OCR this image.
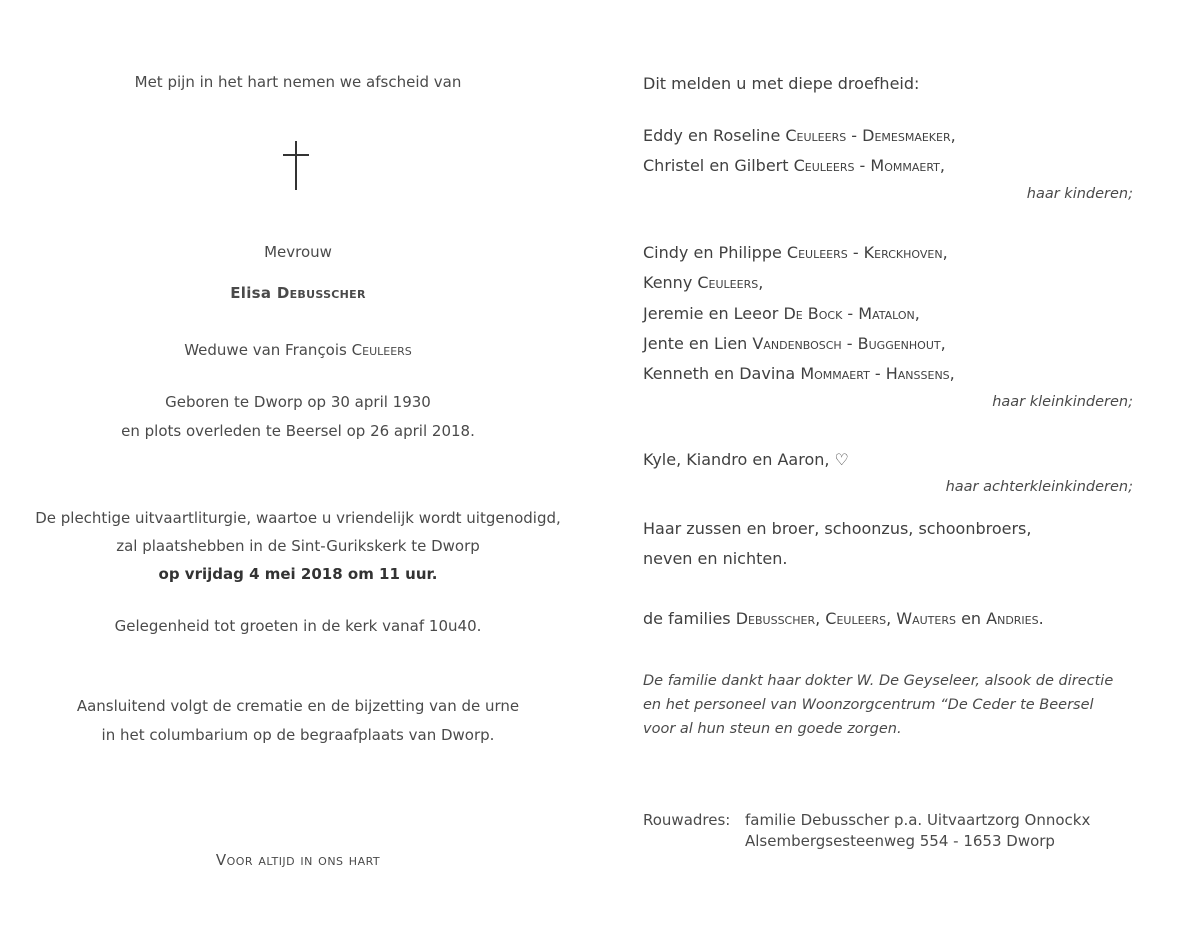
Met pijn in het hart nemen we afscheid van
Mevrouw
Elisa Debusscher
Weduwe van François Ceuleers
Geboren te Dworp op 30 april 1930
en plots overleden te Beersel op 26 april 2018.
De plechtige uitvaartliturgie, waartoe u vriendelijk wordt uitgenodigd,
zal plaatshebben in de Sint-Gurikskerk te Dworp
op vrijdag 4 mei 2018 om 11 uur.
Gelegenheid tot groeten in de kerk vanaf 10u40.
Aansluitend volgt de crematie en de bijzetting van de urne
in het columbarium op de begraafplaats van Dworp.
Voor altijd in ons hart
Dit melden u met diepe droefheid:
Eddy en Roseline Ceuleers - Demesmaeker,
Christel en Gilbert Ceuleers - Mommaert,
haar kinderen;
Cindy en Philippe Ceuleers - Kerckhoven,
Kenny Ceuleers,
Jeremie en Leeor De Bock - Matalon,
Jente en Lien Vandenbosch - Buggenhout,
Kenneth en Davina Mommaert - Hanssens,
haar kleinkinderen;
Kyle, Kiandro en Aaron, ♡
haar achterkleinkinderen;
Haar zussen en broer, schoonzus, schoonbroers,
neven en nichten.
de families Debusscher, Ceuleers, Wauters en Andries.
De familie dankt haar dokter W. De Geyseleer, alsook de directie
en het personeel van Woonzorgcentrum “De Ceder te Beersel
voor al hun steun en goede zorgen.
Rouwadres: familie Debusscher p.a. Uitvaartzorg Onnockx
Alsembergsesteenweg 554 - 1653 Dworp
